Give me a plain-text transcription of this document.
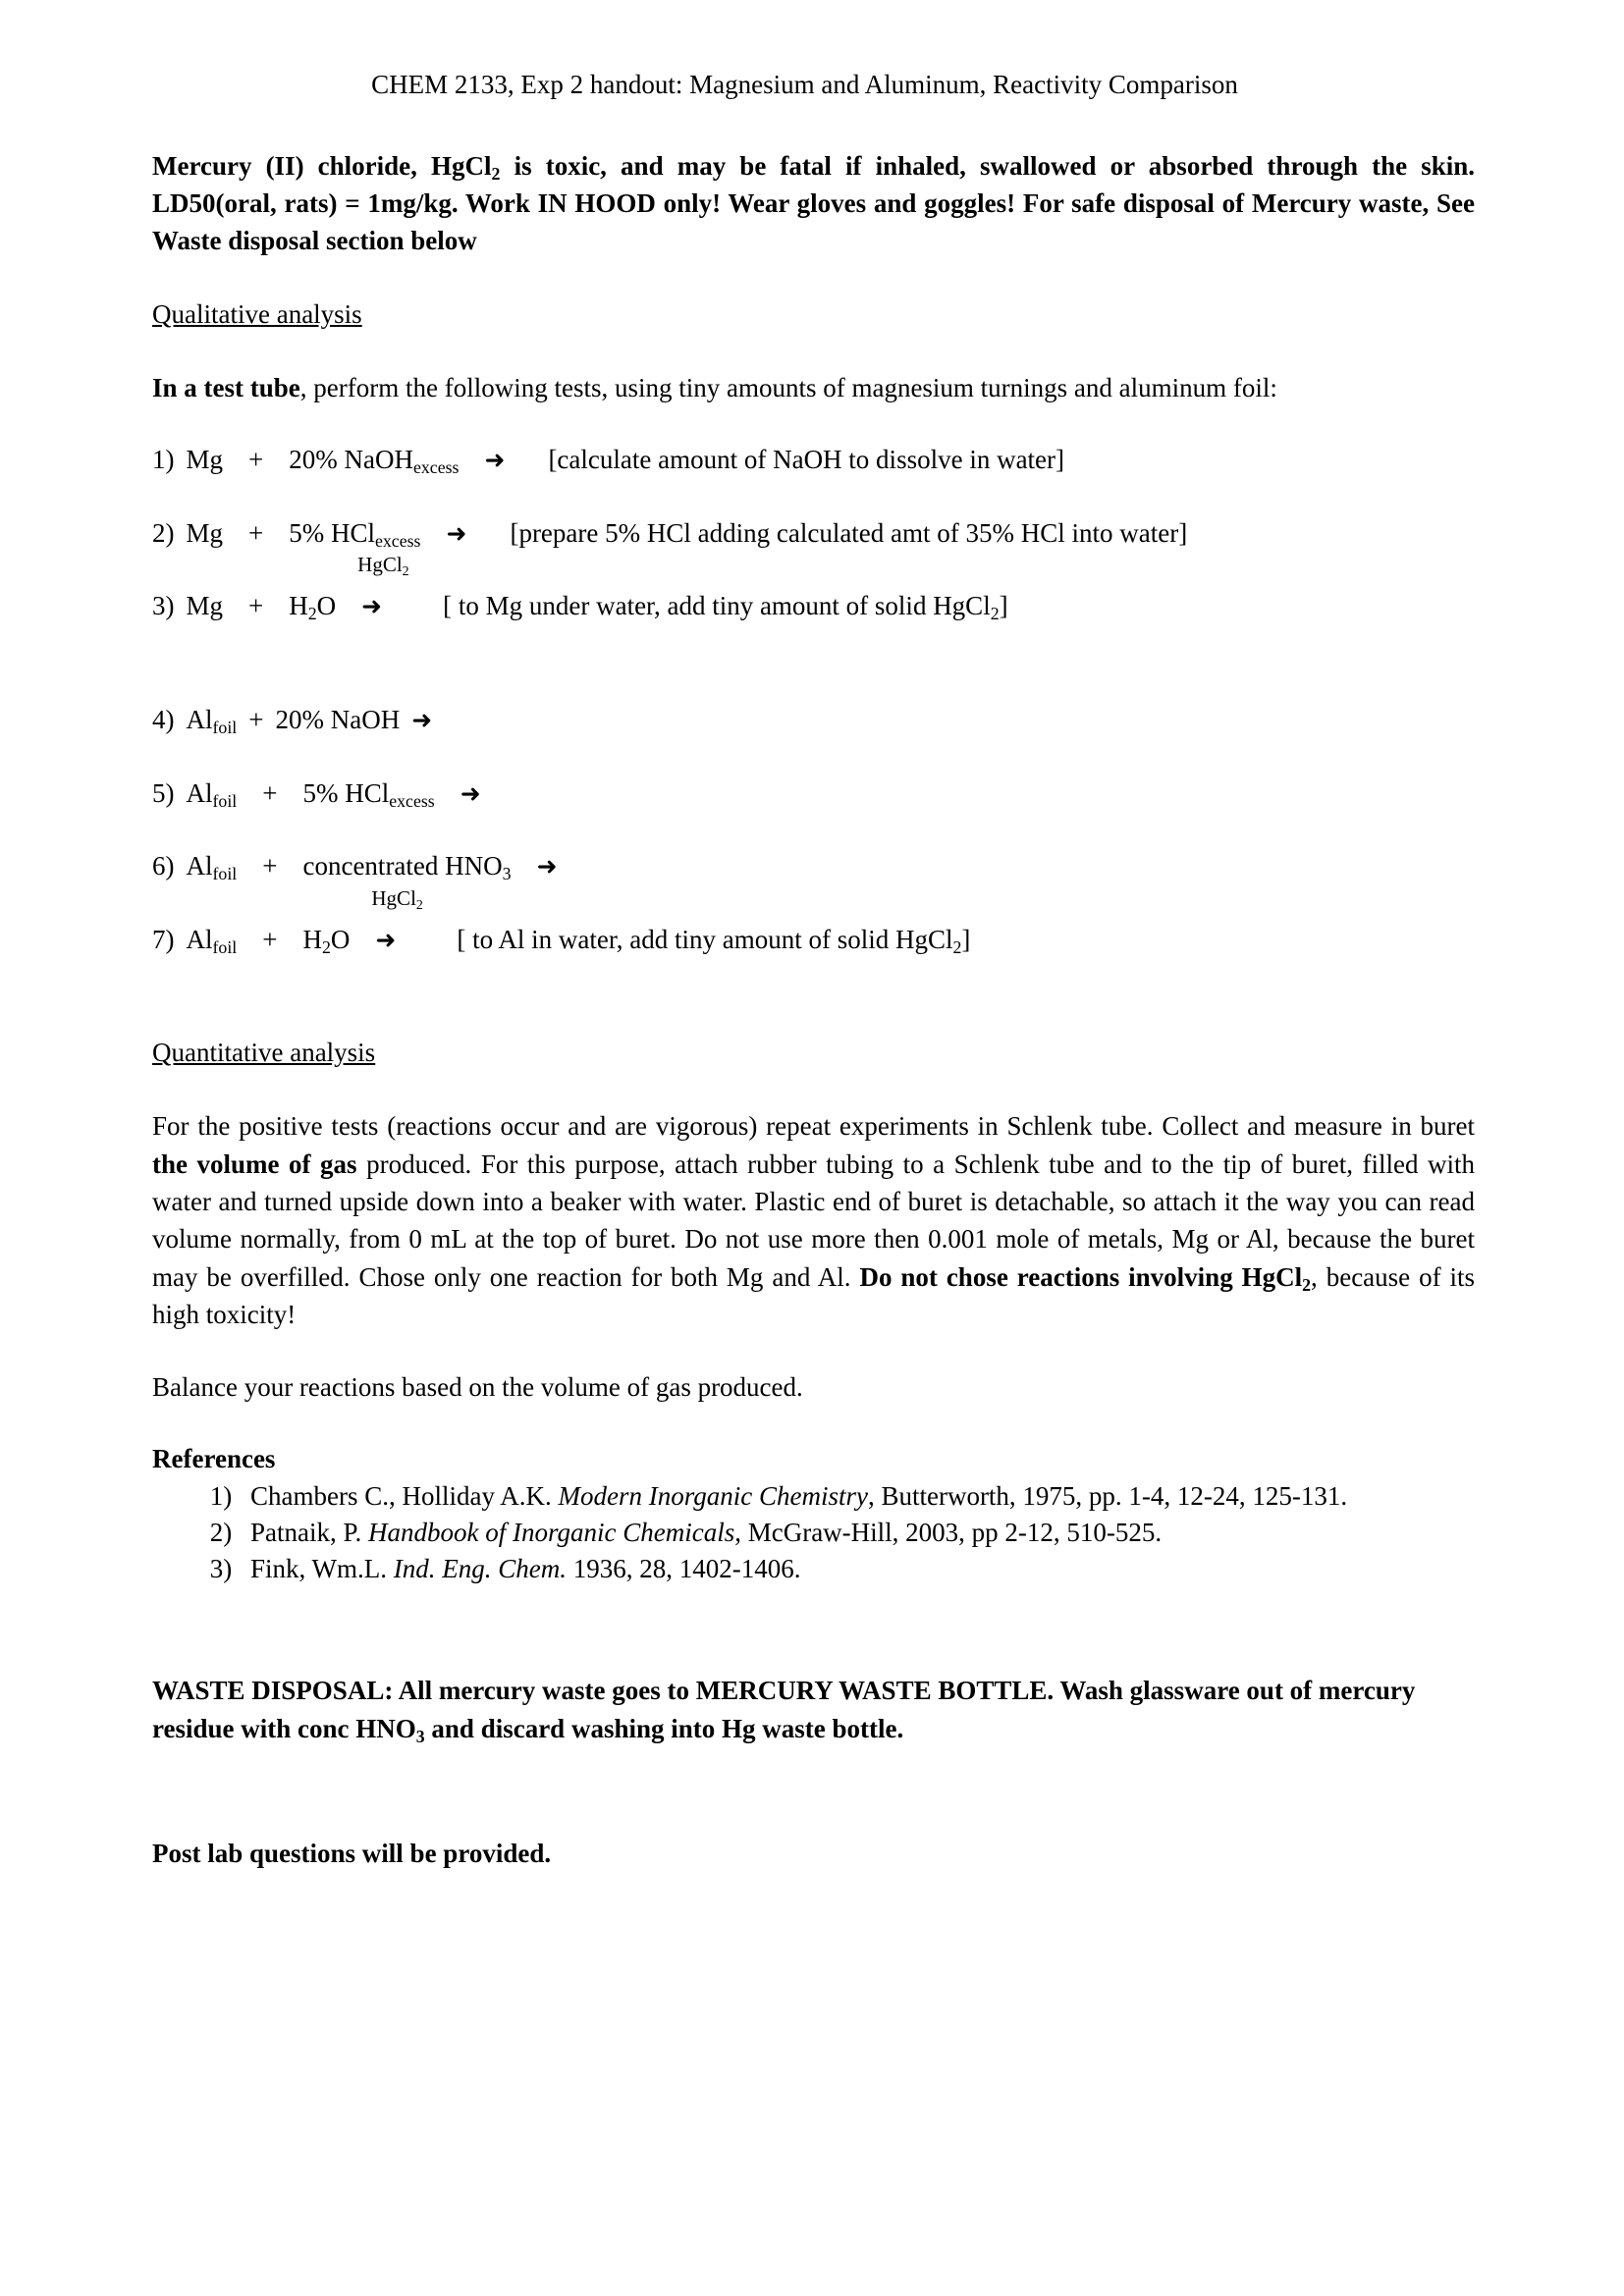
CHEM 2133, Exp 2 handout: Magnesium and Aluminum, Reactivity Comparison

Mercury (II) chloride, HgCl$_2$ is toxic, and may be fatal if inhaled, swallowed or absorbed through the skin. LD50(oral, rats) = 1mg/kg. Work IN HOOD only! Wear gloves and goggles! For safe disposal of Mercury waste, See Waste disposal section below

Qualitative analysis

In a test tube, perform the following tests, using tiny amounts of magnesium turnings and aluminum foil:

1) Mg + 20% NaOH$_{excess}$ ➜ [calculate amount of NaOH to dissolve in water]

2) Mg + 5% HCl$_{excess}$ ➜ [prepare 5% HCl adding calculated amt of 35% HCl into water]

3) $Mg + H_2O$
HgCl$_2$
➜ [ to Mg under water, add tiny amount of solid HgCl$_2$]

4) $Al_{foil} + 20\%$ NaOH ➜

5) $Al_{foil} + 5\%$ HCl$_{excess}$ ➜

6) $Al_{foil}$ + concentrated $HNO_3$ ➜

7) $Al_{foil} + H_2O$
HgCl$_2$
➜ [ to Al in water, add tiny amount of solid HgCl$_2$]

Quantitative analysis

For the positive tests (reactions occur and are vigorous) repeat experiments in Schlenk tube. Collect and measure in buret the volume of gas produced. For this purpose, attach rubber tubing to a Schlenk tube and to the tip of buret, filled with water and turned upside down into a beaker with water. Plastic end of buret is detachable, so attach it the way you can read volume normally, from 0 mL at the top of buret. Do not use more then 0.001 mole of metals, Mg or Al, because the buret may be overfilled. Chose only one reaction for both Mg and Al. Do not chose reactions involving HgCl$_2$, because of its high toxicity!

Balance your reactions based on the volume of gas produced.

References

1. Chambers C., Holliday A.K. Modern Inorganic Chemistry, Butterworth, 1975, pp. 1-4, 12-24, 125-131.
2. Patnaik, P. Handbook of Inorganic Chemicals, McGraw-Hill, 2003, pp 2-12, 510-525.
3. Fink, Wm.L. Ind. Eng. Chem. 1936, 28, 1402-1406.

WASTE DISPOSAL: All mercury waste goes to MERCURY WASTE BOTTLE. Wash glassware out of mercury residue with conc $HNO_3$ and discard washing into Hg waste bottle.

Post lab questions will be provided.
